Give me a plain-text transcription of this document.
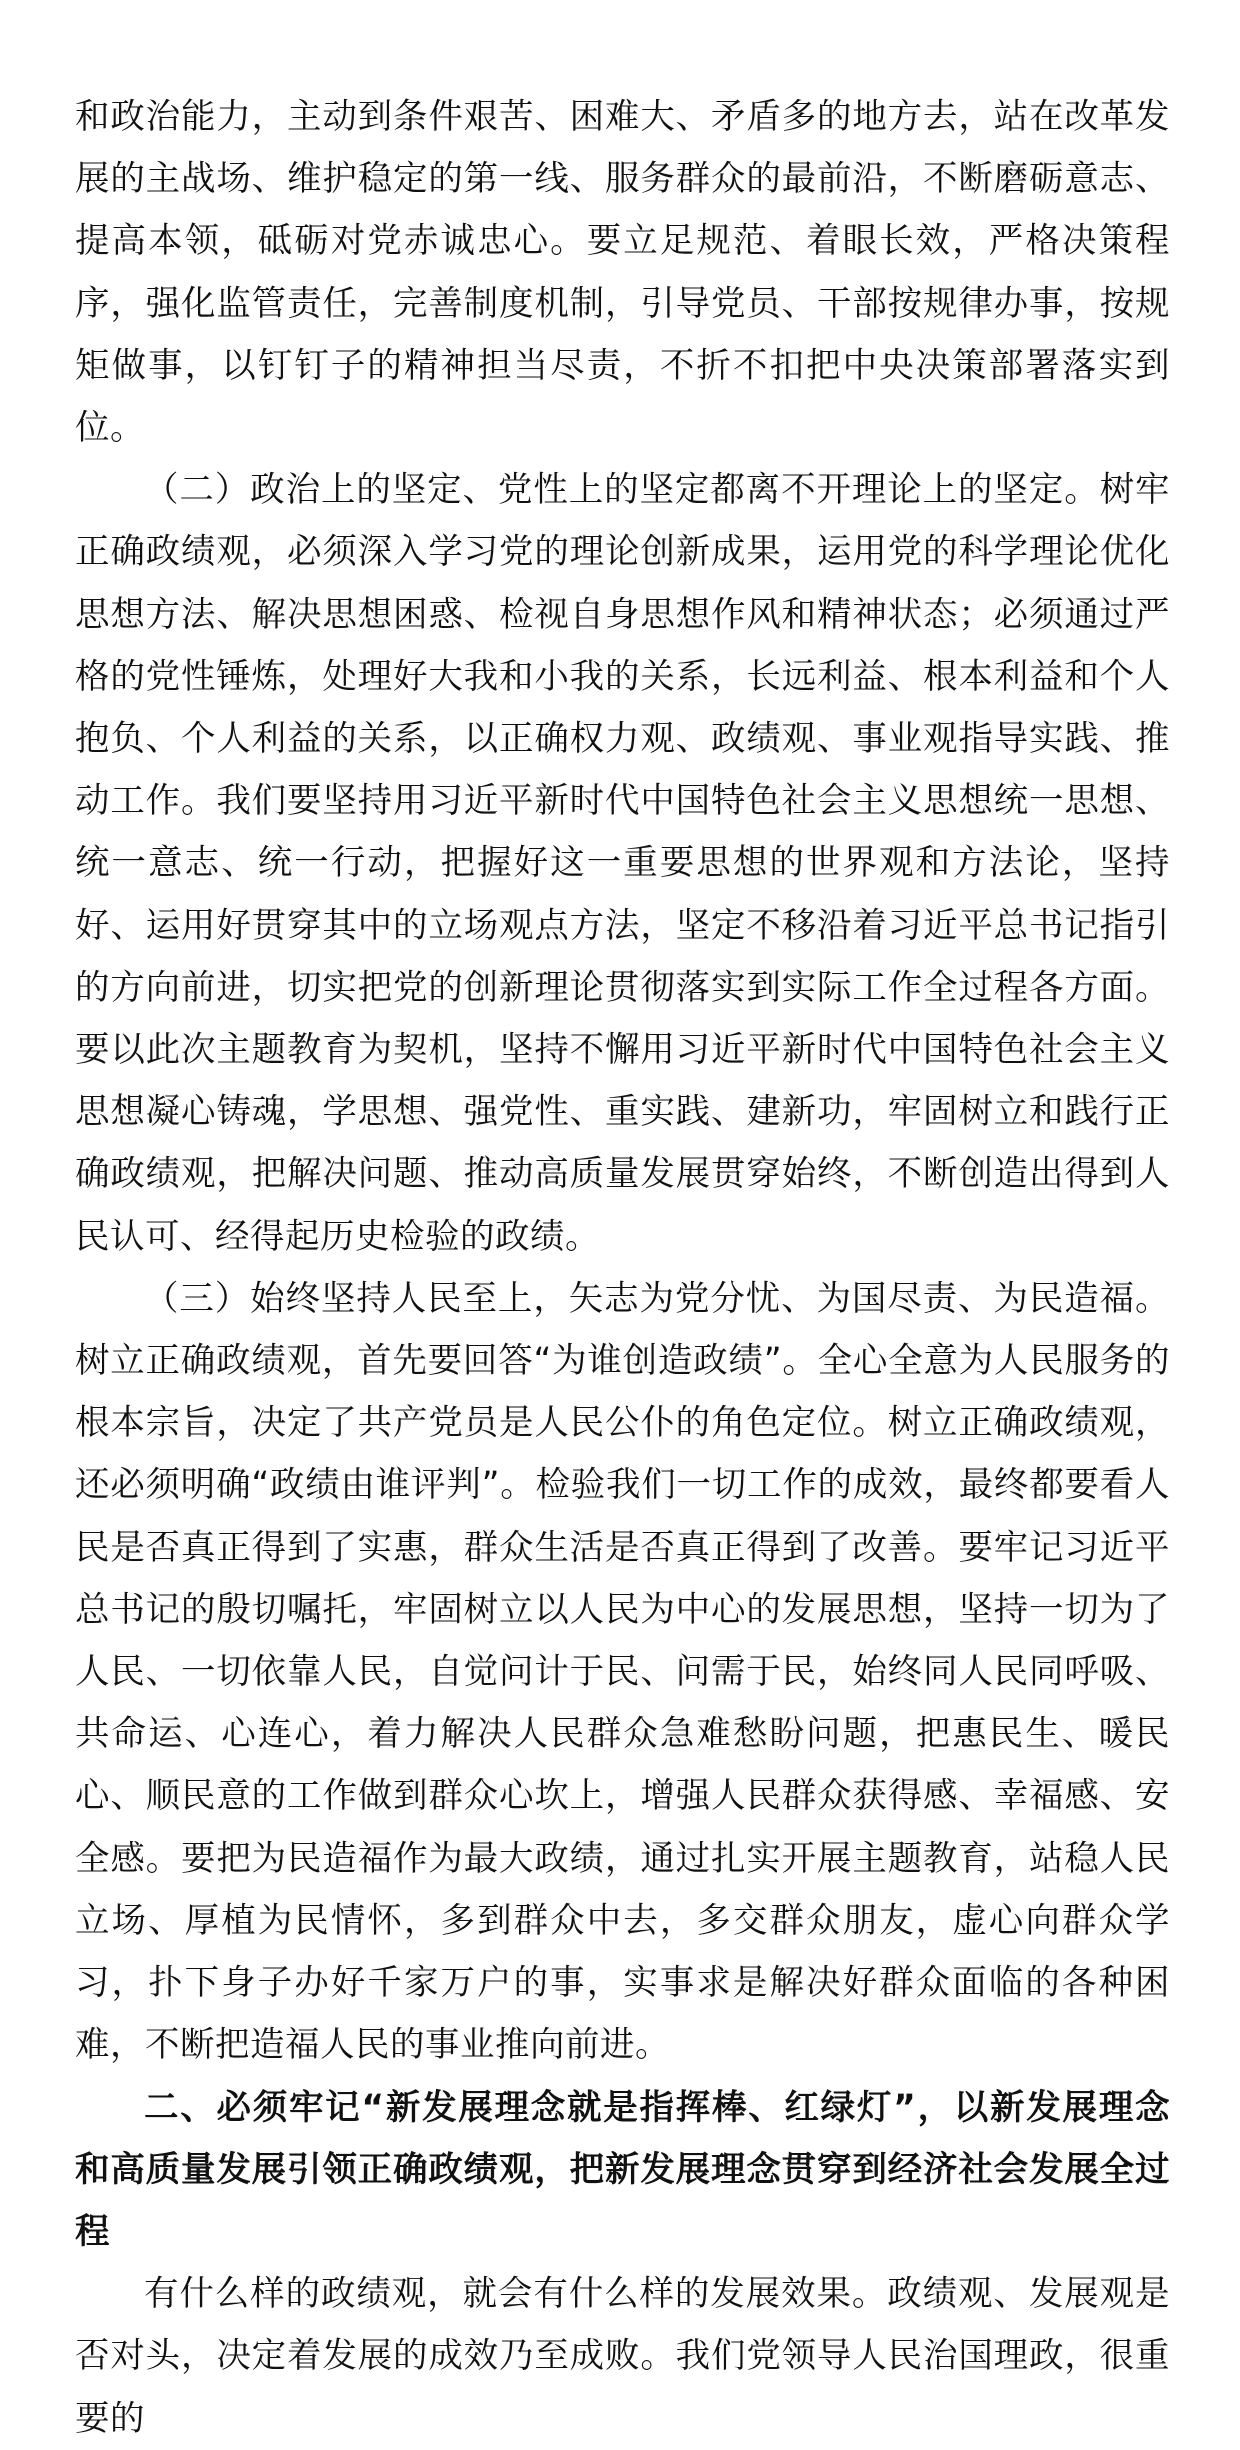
和政治能力，主动到条件艰苦、困难大、矛盾多的地方去，站在改革发展的主战场、维护稳定的第一线、服务群众的最前沿，不断磨砺意志、提高本领，砥砺对党赤诚忠心。要立足规范、着眼长效，严格决策程序，强化监管责任，完善制度机制，引导党员、干部按规律办事，按规矩做事，以钉钉子的精神担当尽责，不折不扣把中央决策部署落实到位。

（二）政治上的坚定、党性上的坚定都离不开理论上的坚定。树牢正确政绩观，必须深入学习党的理论创新成果，运用党的科学理论优化思想方法、解决思想困惑、检视自身思想作风和精神状态；必须通过严格的党性锤炼，处理好大我和小我的关系，长远利益、根本利益和个人抱负、个人利益的关系，以正确权力观、政绩观、事业观指导实践、推动工作。我们要坚持用习近平新时代中国特色社会主义思想统一思想、统一意志、统一行动，把握好这一重要思想的世界观和方法论，坚持好、运用好贯穿其中的立场观点方法，坚定不移沿着习近平总书记指引的方向前进，切实把党的创新理论贯彻落实到实际工作全过程各方面。要以此次主题教育为契机，坚持不懈用习近平新时代中国特色社会主义思想凝心铸魂，学思想、强党性、重实践、建新功，牢固树立和践行正确政绩观，把解决问题、推动高质量发展贯穿始终，不断创造出得到人民认可、经得起历史检验的政绩。

（三）始终坚持人民至上，矢志为党分忧、为国尽责、为民造福。树立正确政绩观，首先要回答“为谁创造政绩”。全心全意为人民服务的根本宗旨，决定了共产党员是人民公仆的角色定位。树立正确政绩观，还必须明确“政绩由谁评判”。检验我们一切工作的成效，最终都要看人民是否真正得到了实惠，群众生活是否真正得到了改善。要牢记习近平总书记的殷切嘱托，牢固树立以人民为中心的发展思想，坚持一切为了人民、一切依靠人民，自觉问计于民、问需于民，始终同人民同呼吸、共命运、心连心，着力解决人民群众急难愁盼问题，把惠民生、暖民心、顺民意的工作做到群众心坎上，增强人民群众获得感、幸福感、安全感。要把为民造福作为最大政绩，通过扎实开展主题教育，站稳人民立场、厚植为民情怀，多到群众中去，多交群众朋友，虚心向群众学习，扑下身子办好千家万户的事，实事求是解决好群众面临的各种困难，不断把造福人民的事业推向前进。

二、必须牢记“新发展理念就是指挥棒、红绿灯”，以新发展理念和高质量发展引领正确政绩观，把新发展理念贯穿到经济社会发展全过程

有什么样的政绩观，就会有什么样的发展效果。政绩观、发展观是否对头，决定着发展的成效乃至成败。我们党领导人民治国理政，很重要的
